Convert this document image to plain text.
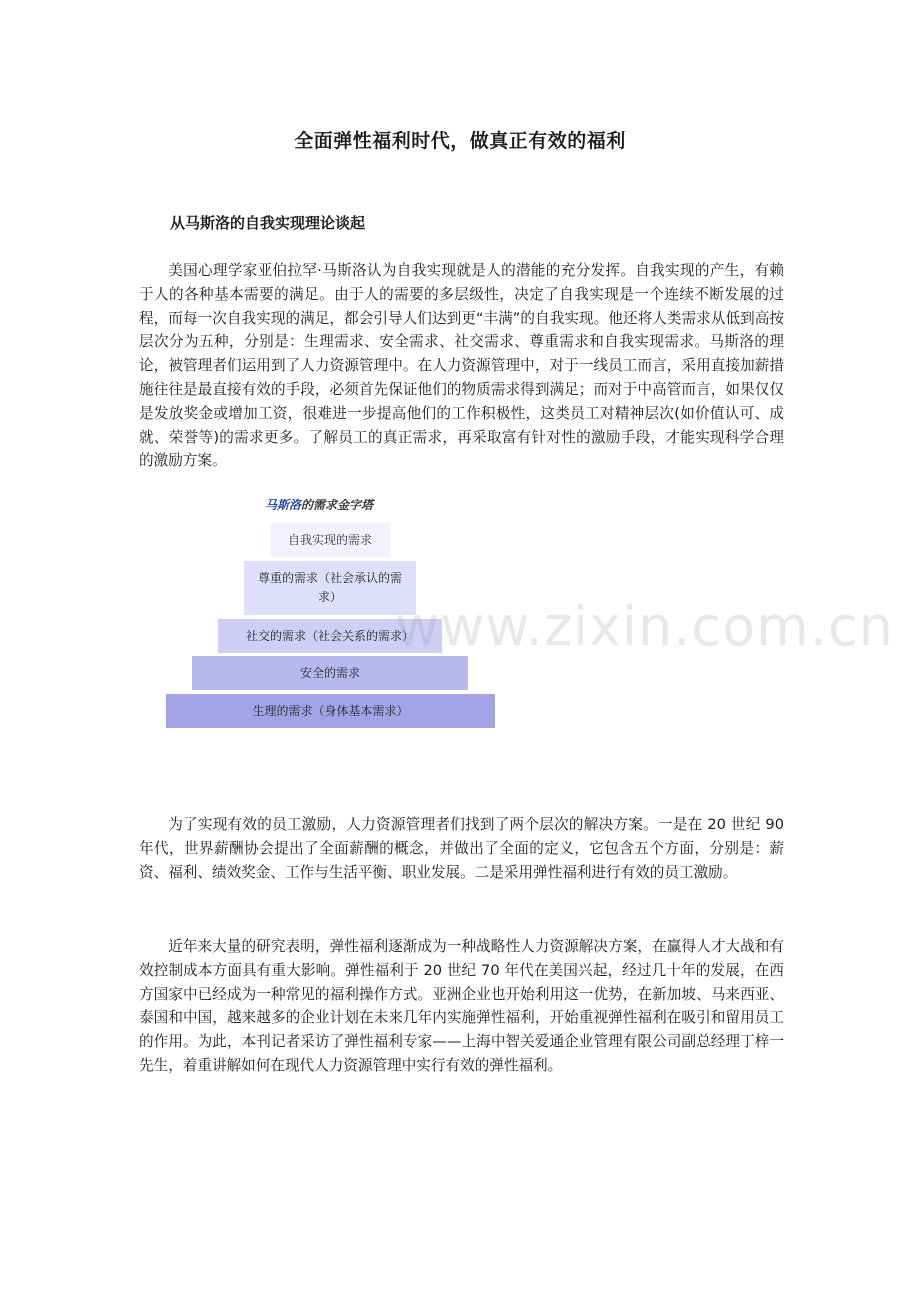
全面弹性福利时代，做真正有效的福利
从马斯洛的自我实现理论谈起

美国心理学家亚伯拉罕·马斯洛认为自我实现就是人的潜能的充分发挥。自我实现的产生，有赖于人的各种基本需要的满足。由于人的需要的多层级性，决定了自我实现是一个连续不断发展的过程，而每一次自我实现的满足，都会引导人们达到更“丰满”的自我实现。他还将人类需求从低到高按层次分为五种，分别是：生理需求、安全需求、社交需求、尊重需求和自我实现需求。马斯洛的理论，被管理者们运用到了人力资源管理中。在人力资源管理中，对于一线员工而言，采用直接加薪措施往往是最直接有效的手段，必须首先保证他们的物质需求得到满足；而对于中高管而言，如果仅仅是发放奖金或增加工资，很难进一步提高他们的工作积极性，这类员工对精神层次(如价值认可、成就、荣誉等)的需求更多。了解员工的真正需求，再采取富有针对性的激励手段，才能实现科学合理的激励方案。

马斯洛的需求金字塔
自我实现的需求
尊重的需求（社会承认的需求）
社交的需求（社会关系的需求）
安全的需求
生理的需求（身体基本需求）
www.zixin.com.cn

为了实现有效的员工激励，人力资源管理者们找到了两个层次的解决方案。一是在 20 世纪 90 年代，世界薪酬协会提出了全面薪酬的概念，并做出了全面的定义，它包含五个方面，分别是：薪资、福利、绩效奖金、工作与生活平衡、职业发展。二是采用弹性福利进行有效的员工激励。

近年来大量的研究表明，弹性福利逐渐成为一种战略性人力资源解决方案，在赢得人才大战和有效控制成本方面具有重大影响。弹性福利于 20 世纪 70 年代在美国兴起，经过几十年的发展，在西方国家中已经成为一种常见的福利操作方式。亚洲企业也开始利用这一优势，在新加坡、马来西亚、泰国和中国，越来越多的企业计划在未来几年内实施弹性福利，开始重视弹性福利在吸引和留用员工的作用。为此，本刊记者采访了弹性福利专家——上海中智关爱通企业管理有限公司副总经理丁梓一先生，着重讲解如何在现代人力资源管理中实行有效的弹性福利。
